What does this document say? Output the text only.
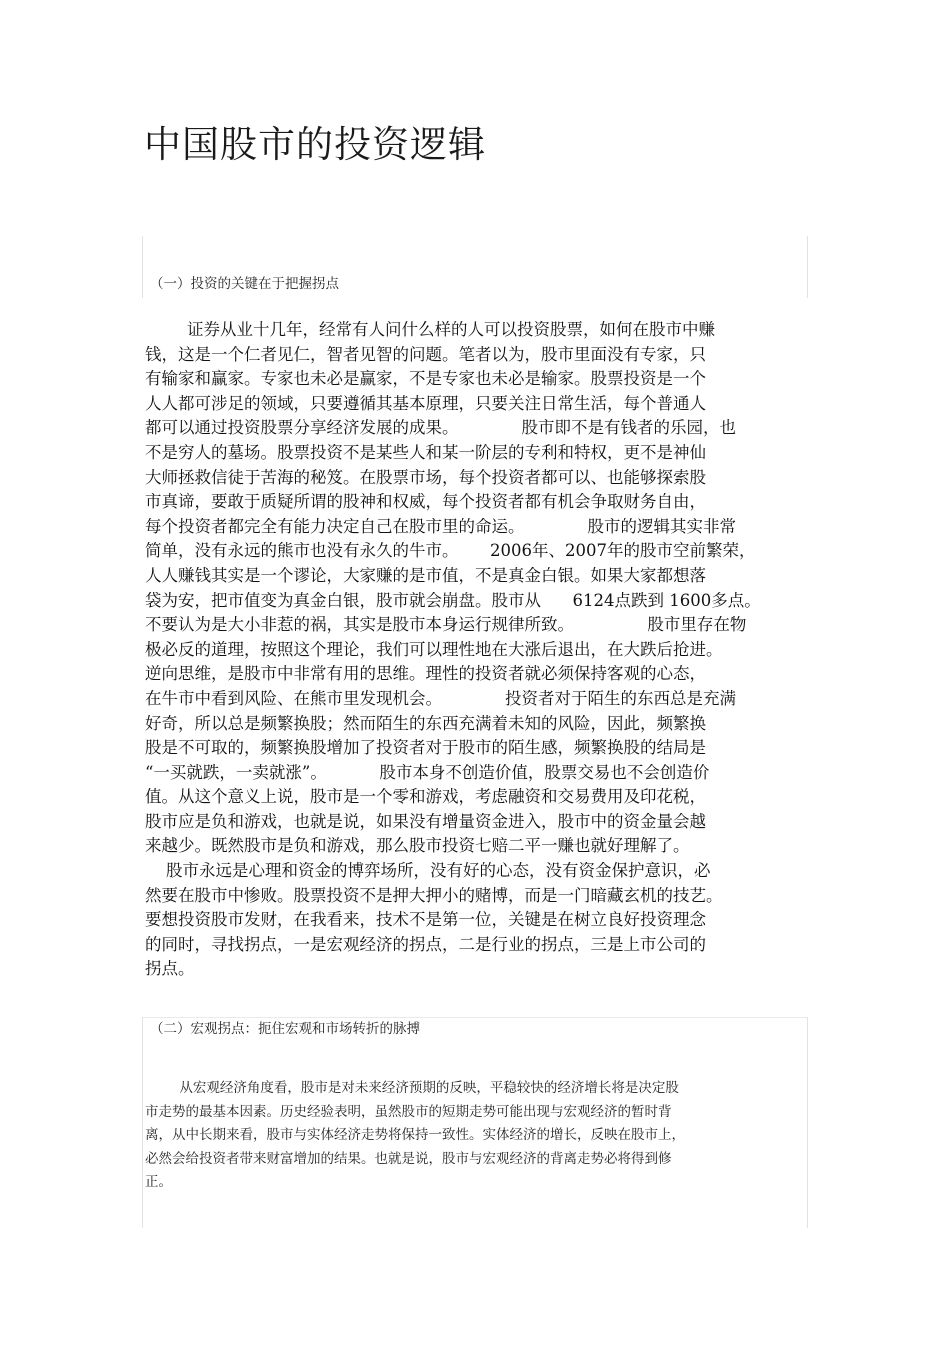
中国股市的投资逻辑
（一）投资的关键在于把握拐点
证券从业十几年，经常有人问什么样的人可以投资股票，如何在股市中赚
钱，这是一个仁者见仁，智者见智的问题。笔者以为，股市里面没有专家，只
有输家和赢家。专家也未必是赢家，不是专家也未必是输家。股票投资是一个
人人都可涉足的领域，只要遵循其基本原理，只要关注日常生活，每个普通人
都可以通过投资股票分享经济发展的成果。            股市即不是有钱者的乐园，也
不是穷人的墓场。股票投资不是某些人和某一阶层的专利和特权，更不是神仙
大师拯救信徒于苦海的秘笈。在股票市场，每个投资者都可以、也能够探索股
市真谛，要敢于质疑所谓的股神和权威，每个投资者都有机会争取财务自由，
每个投资者都完全有能力决定自己在股市里的命运。            股市的逻辑其实非常
简单，没有永远的熊市也没有永久的牛市。      2006年、2007年的股市空前繁荣，
人人赚钱其实是一个谬论，大家赚的是市值，不是真金白银。如果大家都想落
袋为安，把市值变为真金白银，股市就会崩盘。股市从      6124点跌到 1600多点。
不要认为是大小非惹的祸，其实是股市本身运行规律所致。              股市里存在物
极必反的道理，按照这个理论，我们可以理性地在大涨后退出，在大跌后抢进。
逆向思维，是股市中非常有用的思维。理性的投资者就必须保持客观的心态，
在牛市中看到风险、在熊市里发现机会。            投资者对于陌生的东西总是充满
好奇，所以总是频繁换股；然而陌生的东西充满着未知的风险，因此，频繁换
股是不可取的，频繁换股增加了投资者对于股市的陌生感，频繁换股的结局是
“一买就跌，一卖就涨”。          股市本身不创造价值，股票交易也不会创造价
值。从这个意义上说，股市是一个零和游戏，考虑融资和交易费用及印花税，
股市应是负和游戏，也就是说，如果没有增量资金进入，股市中的资金量会越
来越少。既然股市是负和游戏，那么股市投资七赔二平一赚也就好理解了。
股市永远是心理和资金的博弈场所，没有好的心态，没有资金保护意识，必
然要在股市中惨败。股票投资不是押大押小的赌博，而是一门暗藏玄机的技艺。
要想投资股市发财，在我看来，技术不是第一位，关键是在树立良好投资理念
的同时，寻找拐点，一是宏观经济的拐点，二是行业的拐点，三是上市公司的
拐点。
（二）宏观拐点：扼住宏观和市场转折的脉搏
从宏观经济角度看，股市是对未来经济预期的反映，平稳较快的经济增长将是决定股
市走势的最基本因素。历史经验表明，虽然股市的短期走势可能出现与宏观经济的暂时背
离，从中长期来看，股市与实体经济走势将保持一致性。实体经济的增长，反映在股市上，
必然会给投资者带来财富增加的结果。也就是说，股市与宏观经济的背离走势必将得到修
正。
